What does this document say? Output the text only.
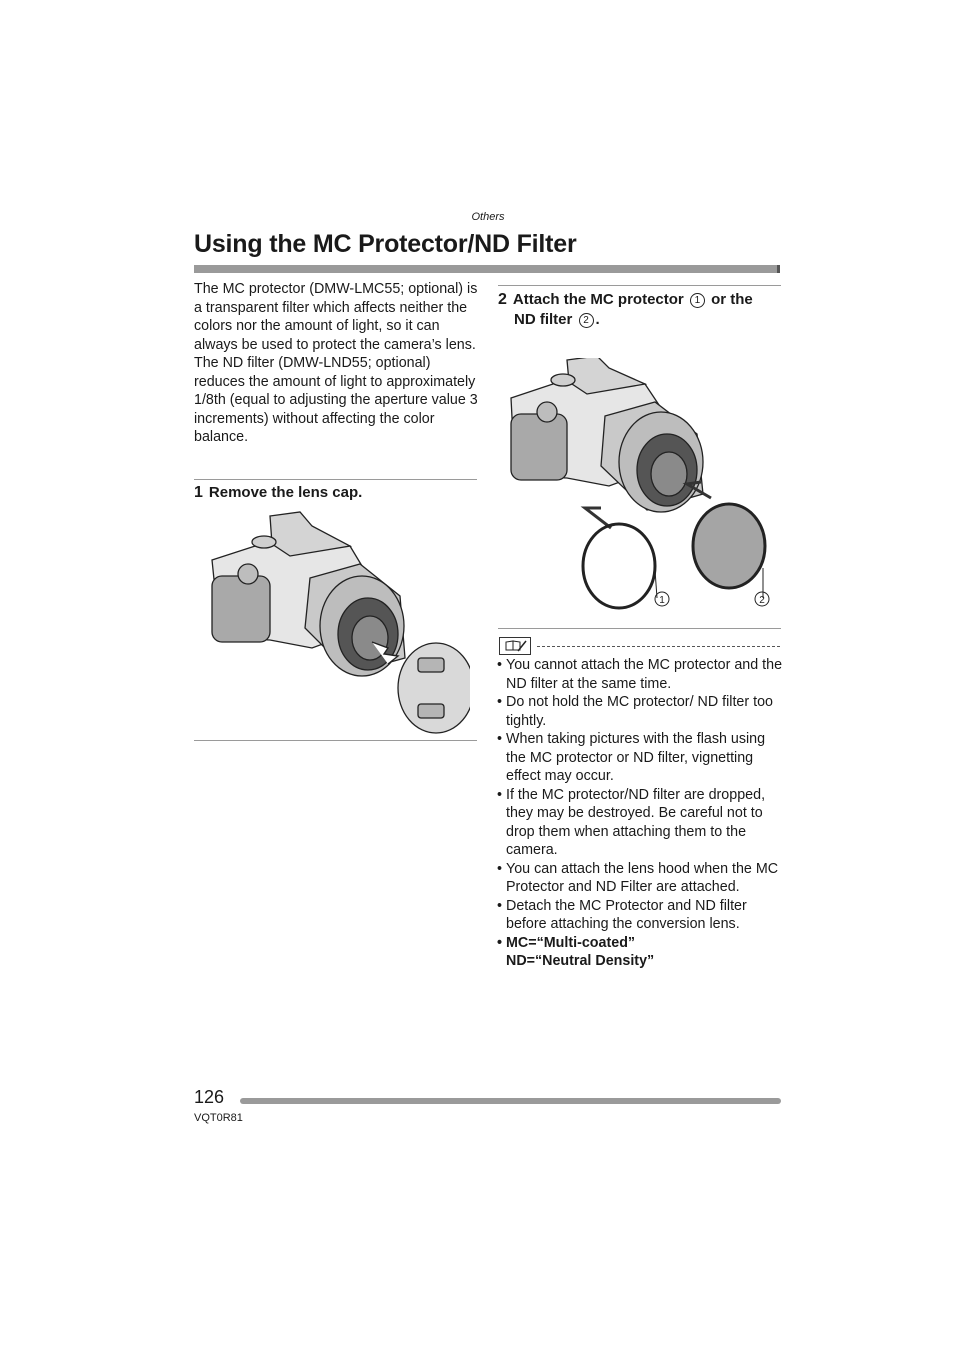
Others
Using the MC Protector/ND Filter

The MC protector (DMW-LMC55; optional) is a transparent filter which affects neither the colors nor the amount of light, so it can always be used to protect the camera’s lens.

The ND filter (DMW-LND55; optional) reduces the amount of light to approximately 1/8th (equal to adjusting the aperture value 3 increments) without affecting the color balance.

1 Remove the lens cap.
2 Attach the MC protector 1 or the
ND filter 2 .
1	2
• You cannot attach the MC protector and the ND filter at the same time.
• Do not hold the MC protector/ ND filter too tightly.
• When taking pictures with the flash using the MC protector or ND filter, vignetting effect may occur.
• If the MC protector/ND filter are dropped, they may be destroyed. Be careful not to drop them when attaching them to the camera.
• You can attach the lens hood when the MC Protector and ND Filter are attached.
• Detach the MC Protector and ND filter before attaching the conversion lens.
• MC=“Multi-coated”
ND=“Neutral Density”
126
VQT0R81
